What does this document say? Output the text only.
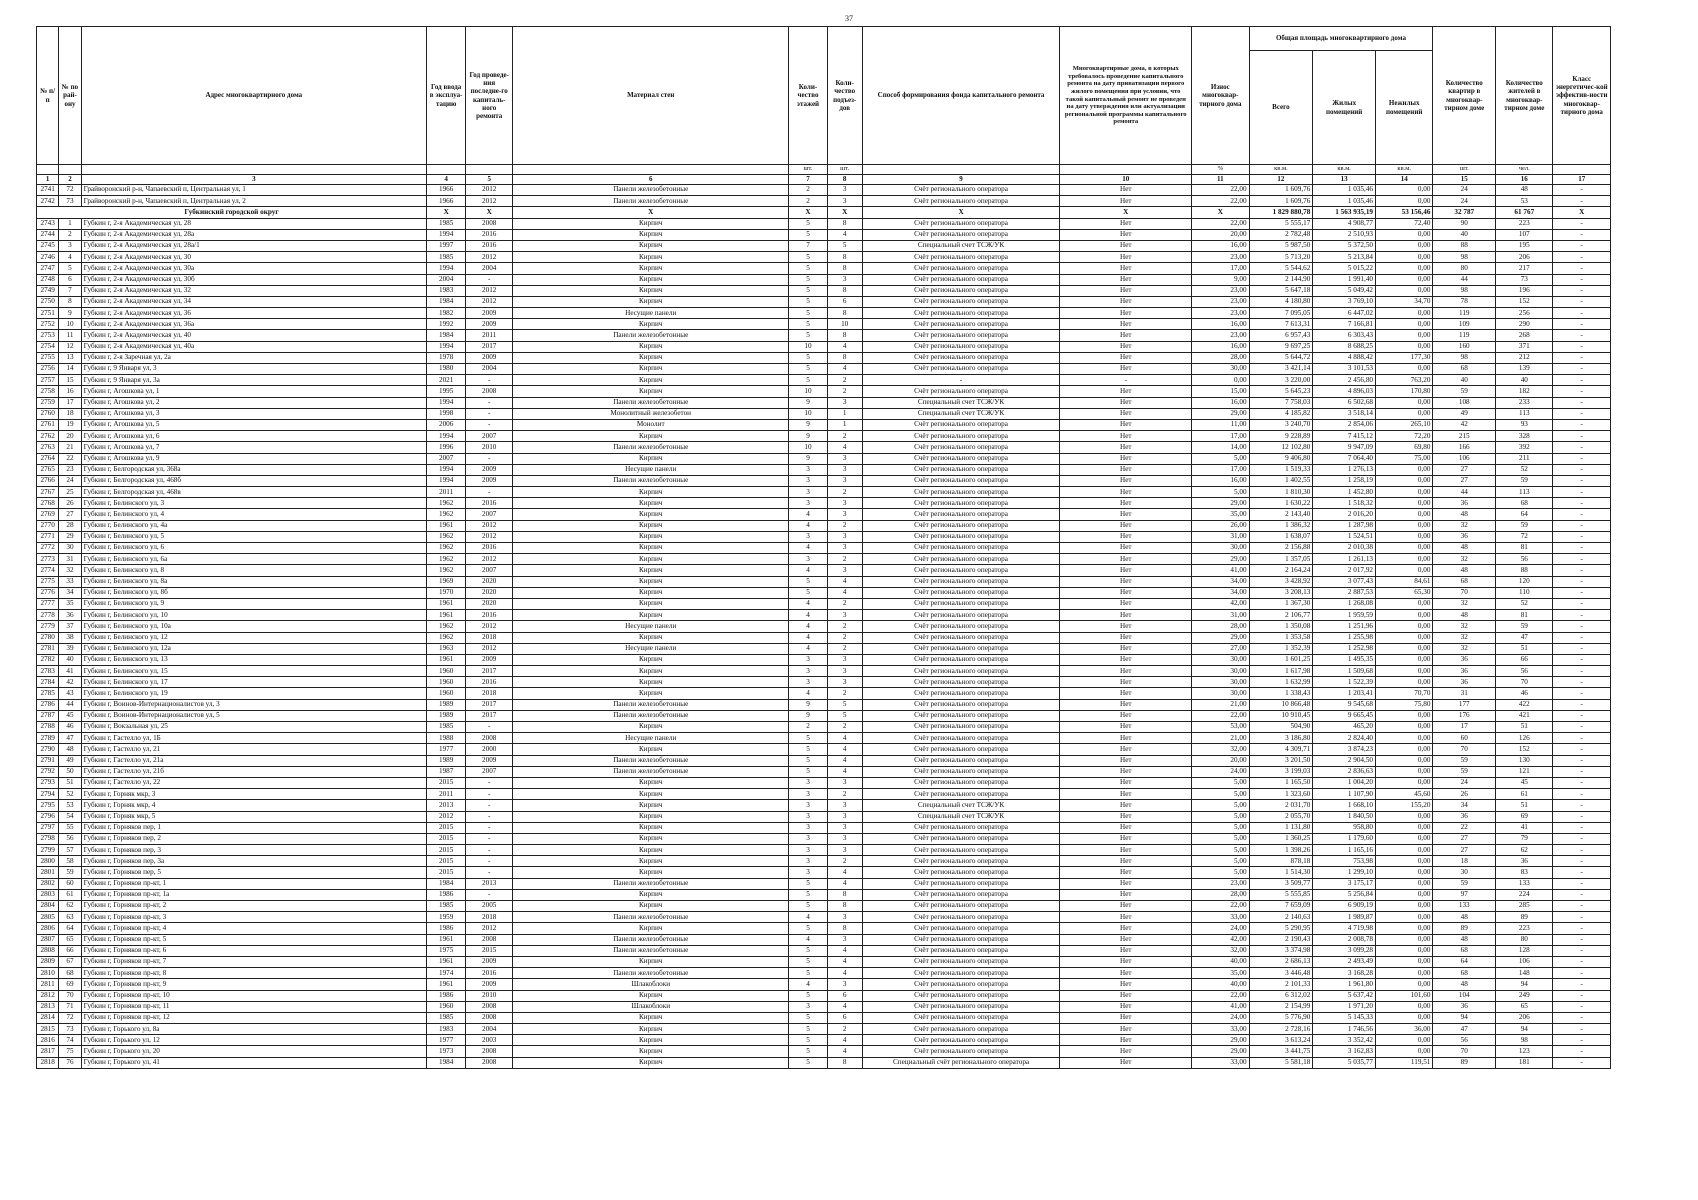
37
№ п/п	№ по рай-ону	Адрес многоквартирного дома	Год ввода в эксплуа-тацию	Год проведе-ния последне-го капиталь-ного ремонта	Материал стен	Коли-чество этажей	Коли-чество подъез-дов	Способ формирования фонда капитального ремонта	Многоквартирные дома, в которых требовалось проведение капитального ремонта на дату приватизации первого жилого помещения при условии, что такой капитальный ремонт не проведен на дату утверждения или актуализации региональной программы капитального ремонта	Износ многоквар-тирного дома	Общая площадь многоквартирного дома			Количество квартир в многоквар-тирном доме	Количество жителей в многоквар-тирном доме	Класс энергетичес-кой эффектив-ности многоквар-тирного дома
											Всего	Жилых помещений	Нежилых помещений			
						шт.	шт.			%	кв.м.	кв.м.	кв.м.	шт.	чел.	
1	2	3	4	5	6	7	8	9	10	11	12	13	14	15	16	17
2741	72	Грайворонский р-н, Чапаевский п, Центральная ул, 1	1966	2012	Панели железобетонные	2	3	Счёт регионального оператора	Нет	22,00	1 609,76	1 035,46	0,00	24	48	-
2742	73	Грайворонский р-н, Чапаевский п, Центральная ул, 2	1966	2012	Панели железобетонные	2	3	Счёт регионального оператора	Нет	22,00	1 609,76	1 035,46	0,00	24	53	-
Губкинский городской округ			Х	Х	Х	Х	Х	Х	Х	Х	1 829 880,78	1 563 935,19	53 156,46	32 787	61 767	Х
2743	1	Губкин г, 2-я Академическая ул, 28	1985	2008	Кирпич	5	8	Счёт регионального оператора	Нет	22,00	5 555,17	4 908,77	72,40	90	223	-
2744	2	Губкин г, 2-я Академическая ул, 28а	1994	2016	Кирпич	5	4	Счёт регионального оператора	Нет	20,00	2 782,48	2 510,93	0,00	40	107	-
2745	3	Губкин г, 2-я Академическая ул, 28а/1	1997	2016	Кирпич	7	5	Специальный счет ТСЖ/УК	Нет	16,00	5 987,50	5 372,50	0,00	88	195	-
2746	4	Губкин г, 2-я Академическая ул, 30	1985	2012	Кирпич	5	8	Счёт регионального оператора	Нет	23,00	5 713,20	5 213,84	0,00	98	206	-
2747	5	Губкин г, 2-я Академическая ул, 30а	1994	2004	Кирпич	5	8	Счёт регионального оператора	Нет	17,00	5 544,62	5 015,22	0,00	80	217	-
2748	6	Губкин г, 2-я Академическая ул, 30б	2004	-	Кирпич	5	3	Счёт регионального оператора	Нет	9,00	2 144,90	1 991,40	0,00	44	73	-
2749	7	Губкин г, 2-я Академическая ул, 32	1983	2012	Кирпич	5	8	Счёт регионального оператора	Нет	23,00	5 647,18	5 049,42	0,00	98	196	-
2750	8	Губкин г, 2-я Академическая ул, 34	1984	2012	Кирпич	5	6	Счёт регионального оператора	Нет	23,00	4 180,80	3 769,10	34,70	78	152	-
2751	9	Губкин г, 2-я Академическая ул, 36	1982	2009	Несущие панели	5	8	Счёт регионального оператора	Нет	23,00	7 095,05	6 447,02	0,00	119	256	-
2752	10	Губкин г, 2-я Академическая ул, 36а	1992	2009	Кирпич	5	10	Счёт регионального оператора	Нет	16,00	7 613,31	7 166,81	0,00	109	290	-
2753	11	Губкин г, 2-я Академическая ул, 40	1984	2011	Панели железобетонные	5	8	Счёт регионального оператора	Нет	23,00	6 957,43	6 303,43	0,00	119	268	-
2754	12	Губкин г, 2-я Академическая ул, 40а	1994	2017	Кирпич	10	4	Счёт регионального оператора	Нет	16,00	9 697,25	8 688,25	0,00	160	371	-
2755	13	Губкин г, 2-я Заречная ул, 2а	1978	2009	Кирпич	5	8	Счёт регионального оператора	Нет	28,00	5 644,72	4 888,42	177,30	98	212	-
2756	14	Губкин г, 9 Января ул, 3	1980	2004	Кирпич	5	4	Счёт регионального оператора	Нет	30,00	3 421,14	3 101,53	0,00	68	139	-
2757	15	Губкин г, 9 Января ул, 3а	2021	-	Кирпич	5	2	-	-	0,00	3 220,00	2 456,80	763,20	40	40	-
2758	16	Губкин г, Агошкова ул, 1	1995	2008	Кирпич	10	2	Счёт регионального оператора	Нет	15,00	5 645,23	4 896,03	170,80	59	182	-
2759	17	Губкин г, Агошкова ул, 2	1994	-	Панели железобетонные	9	3	Специальный счет ТСЖ/УК	Нет	16,00	7 758,03	6 502,68	0,00	108	233	-
2760	18	Губкин г, Агошкова ул, 3	1998	-	Монолитный железобетон	10	1	Специальный счет ТСЖ/УК	Нет	29,00	4 185,82	3 518,14	0,00	49	113	-
2761	19	Губкин г, Агошкова ул, 5	2006	-	Монолит	9	1	Счёт регионального оператора	Нет	11,00	3 240,70	2 854,06	265,10	42	93	-
2762	20	Губкин г, Агошкова ул, 6	1994	2007	Кирпич	9	2	Счёт регионального оператора	Нет	17,00	9 228,89	7 415,12	72,20	215	328	-
2763	21	Губкин г, Агошкова ул, 7	1996	2010	Панели железобетонные	10	4	Счёт регионального оператора	Нет	14,00	12 102,80	9 947,09	69,80	166	392	-
2764	22	Губкин г, Агошкова ул, 9	2007	-	Кирпич	9	3	Счёт регионального оператора	Нет	5,00	9 406,80	7 064,40	75,00	106	211	-
2765	23	Губкин г, Белгородская ул, 368а	1994	2009	Несущие панели	3	3	Счёт регионального оператора	Нет	17,00	1 519,33	1 276,13	0,00	27	52	-
2766	24	Губкин г, Белгородская ул, 468б	1994	2009	Панели железобетонные	3	3	Счёт регионального оператора	Нет	16,00	1 402,55	1 258,19	0,00	27	59	-
2767	25	Губкин г, Белгородская ул, 468в	2011	-	Кирпич	3	2	Счёт регионального оператора	Нет	5,00	1 810,30	1 452,80	0,00	44	113	-
2768	26	Губкин г, Белинского ул, 3	1962	2016	Кирпич	3	3	Счёт регионального оператора	Нет	29,00	1 630,22	1 518,32	0,00	36	68	-
2769	27	Губкин г, Белинского ул, 4	1962	2007	Кирпич	4	3	Счёт регионального оператора	Нет	35,00	2 143,40	2 016,20	0,00	48	64	-
2770	28	Губкин г, Белинского ул, 4а	1961	2012	Кирпич	4	2	Счёт регионального оператора	Нет	26,00	1 386,32	1 287,98	0,00	32	59	-
2771	29	Губкин г, Белинского ул, 5	1962	2012	Кирпич	3	3	Счёт регионального оператора	Нет	31,00	1 638,07	1 524,51	0,00	36	72	-
2772	30	Губкин г, Белинского ул, 6	1962	2016	Кирпич	4	3	Счёт регионального оператора	Нет	30,00	2 156,88	2 010,38	0,00	48	81	-
2773	31	Губкин г, Белинского ул, 6а	1962	2012	Кирпич	3	2	Счёт регионального оператора	Нет	29,00	1 357,05	1 261,13	0,00	32	56	-
2774	32	Губкин г, Белинского ул, 8	1962	2007	Кирпич	4	3	Счёт регионального оператора	Нет	41,00	2 164,24	2 017,92	0,00	48	88	-
2775	33	Губкин г, Белинского ул, 8а	1969	2020	Кирпич	5	4	Счёт регионального оператора	Нет	34,00	3 428,92	3 077,43	84,61	68	120	-
2776	34	Губкин г, Белинского ул, 8б	1970	2020	Кирпич	5	4	Счёт регионального оператора	Нет	34,00	3 208,13	2 887,53	65,30	70	110	-
2777	35	Губкин г, Белинского ул, 9	1961	2020	Кирпич	4	2	Счёт регионального оператора	Нет	42,00	1 367,30	1 268,08	0,00	32	52	-
2778	36	Губкин г, Белинского ул, 10	1961	2016	Кирпич	4	3	Счёт регионального оператора	Нет	31,00	2 106,77	1 959,59	0,00	48	81	-
2779	37	Губкин г, Белинского ул, 10а	1962	2012	Несущие панели	4	2	Счёт регионального оператора	Нет	28,00	1 350,08	1 251,96	0,00	32	59	-
2780	38	Губкин г, Белинского ул, 12	1962	2018	Кирпич	4	2	Счёт регионального оператора	Нет	29,00	1 353,58	1 255,98	0,00	32	47	-
2781	39	Губкин г, Белинского ул, 12а	1963	2012	Несущие панели	4	2	Счёт регионального оператора	Нет	27,00	1 352,39	1 252,98	0,00	32	51	-
2782	40	Губкин г, Белинского ул, 13	1961	2009	Кирпич	3	3	Счёт регионального оператора	Нет	30,00	1 601,25	1 495,35	0,00	36	66	-
2783	41	Губкин г, Белинского ул, 15	1960	2017	Кирпич	3	3	Счёт регионального оператора	Нет	30,00	1 617,98	1 509,68	0,00	36	56	-
2784	42	Губкин г, Белинского ул, 17	1960	2016	Кирпич	3	3	Счёт регионального оператора	Нет	30,00	1 632,99	1 522,39	0,00	36	70	-
2785	43	Губкин г, Белинского ул, 19	1960	2018	Кирпич	4	2	Счёт регионального оператора	Нет	30,00	1 338,43	1 203,41	70,70	31	46	-
2786	44	Губкин г, Воинов-Интернационалистов ул, 3	1989	2017	Панели железобетонные	9	5	Счёт регионального оператора	Нет	21,00	10 866,48	9 545,68	75,80	177	422	-
2787	45	Губкин г, Воинов-Интернационалистов ул, 5	1989	2017	Панели железобетонные	9	5	Счёт регионального оператора	Нет	22,00	10 910,45	9 665,45	0,00	176	421	-
2788	46	Губкин г, Вокзальная ул, 25	1985	-	Кирпич	2	2	Счёт регионального оператора	Нет	53,00	504,90	465,20	0,00	17	51	-
2789	47	Губкин г, Гастелло ул, 1Б	1988	2008	Несущие панели	5	4	Счёт регионального оператора	Нет	21,00	3 186,80	2 824,40	0,00	60	126	-
2790	48	Губкин г, Гастелло ул, 21	1977	2000	Кирпич	5	4	Счёт регионального оператора	Нет	32,00	4 309,71	3 874,23	0,00	70	152	-
2791	49	Губкин г, Гастелло ул, 21а	1989	2009	Панели железобетонные	5	4	Счёт регионального оператора	Нет	20,00	3 201,50	2 904,50	0,00	59	130	-
2792	50	Губкин г, Гастелло ул, 21б	1987	2007	Панели железобетонные	5	4	Счёт регионального оператора	Нет	24,00	3 199,03	2 836,63	0,00	59	121	-
2793	51	Губкин г, Гастелло ул, 22	2015	-	Кирпич	3	3	Счёт регионального оператора	Нет	5,00	1 165,50	1 004,20	0,00	24	45	-
2794	52	Губкин г, Горняк мкр, 3	2011	-	Кирпич	3	2	Счёт регионального оператора	Нет	5,00	1 323,60	1 107,90	45,60	26	61	-
2795	53	Губкин г, Горняк мкр, 4	2013	-	Кирпич	3	3	Специальный счет ТСЖ/УК	Нет	5,00	2 031,70	1 668,10	155,20	34	51	-
2796	54	Губкин г, Горняк мкр, 5	2012	-	Кирпич	3	3	Специальный счет ТСЖ/УК	Нет	5,00	2 055,70	1 840,50	0,00	36	69	-
2797	55	Губкин г, Горняков пер, 1	2015	-	Кирпич	3	3	Счёт регионального оператора	Нет	5,00	1 131,80	958,80	0,00	22	41	-
2798	56	Губкин г, Горняков пер, 2	2015	-	Кирпич	3	3	Счёт регионального оператора	Нет	5,00	1 360,25	1 179,60	0,00	27	79	-
2799	57	Губкин г, Горняков пер, 3	2015	-	Кирпич	3	3	Счёт регионального оператора	Нет	5,00	1 398,26	1 165,16	0,00	27	62	-
2800	58	Губкин г, Горняков пер, 3а	2015	-	Кирпич	3	2	Счёт регионального оператора	Нет	5,00	878,18	753,98	0,00	18	36	-
2801	59	Губкин г, Горняков пер, 5	2015	-	Кирпич	3	4	Счёт регионального оператора	Нет	5,00	1 514,30	1 299,10	0,00	30	83	-
2802	60	Губкин г, Горняков пр-кт, 1	1984	2013	Панели железобетонные	5	4	Счёт регионального оператора	Нет	23,00	3 509,77	3 175,17	0,00	59	133	-
2803	61	Губкин г, Горняков пр-кт, 1а	1986	-	Кирпич	5	8	Счёт регионального оператора	Нет	28,00	5 555,85	5 256,84	0,00	97	224	-
2804	62	Губкин г, Горняков пр-кт, 2	1985	2005	Кирпич	5	8	Счёт регионального оператора	Нет	22,00	7 659,09	6 909,19	0,00	133	285	-
2805	63	Губкин г, Горняков пр-кт, 3	1959	2018	Панели железобетонные	4	3	Счёт регионального оператора	Нет	33,00	2 140,63	1 989,87	0,00	48	89	-
2806	64	Губкин г, Горняков пр-кт, 4	1986	2012	Кирпич	5	8	Счёт регионального оператора	Нет	24,00	5 290,95	4 719,98	0,00	89	223	-
2807	65	Губкин г, Горняков пр-кт, 5	1961	2008	Панели железобетонные	4	3	Счёт регионального оператора	Нет	42,00	2 190,43	2 008,78	0,00	48	80	-
2808	66	Губкин г, Горняков пр-кт, 6	1975	2015	Панели железобетонные	5	4	Счёт регионального оператора	Нет	32,00	3 374,98	3 099,28	0,00	68	128	-
2809	67	Губкин г, Горняков пр-кт, 7	1961	2009	Кирпич	5	4	Счёт регионального оператора	Нет	40,00	2 686,13	2 493,49	0,00	64	106	-
2810	68	Губкин г, Горняков пр-кт, 8	1974	2016	Панели железобетонные	5	4	Счёт регионального оператора	Нет	35,00	3 446,48	3 168,28	0,00	68	148	-
2811	69	Губкин г, Горняков пр-кт, 9	1961	2009	Шлакоблоки	4	3	Счёт регионального оператора	Нет	40,00	2 101,33	1 961,80	0,00	48	94	-
2812	70	Губкин г, Горняков пр-кт, 10	1986	2010	Кирпич	5	6	Счёт регионального оператора	Нет	22,00	6 312,02	5 637,42	101,60	104	249	-
2813	71	Губкин г, Горняков пр-кт, 11	1960	2008	Шлакоблоки	3	4	Счёт регионального оператора	Нет	41,00	2 154,99	1 971,20	0,00	36	65	-
2814	72	Губкин г, Горняков пр-кт, 12	1985	2008	Кирпич	5	6	Счёт регионального оператора	Нет	24,00	5 776,90	5 145,33	0,00	94	206	-
2815	73	Губкин г, Горького ул, 8а	1983	2004	Кирпич	5	2	Счёт регионального оператора	Нет	33,00	2 728,16	1 746,56	36,00	47	94	-
2816	74	Губкин г, Горького ул, 12	1977	2003	Кирпич	5	4	Счёт регионального оператора	Нет	29,00	3 613,24	3 352,42	0,00	56	98	-
2817	75	Губкин г, Горького ул, 20	1973	2008	Кирпич	5	4	Счёт регионального оператора	Нет	29,00	3 441,75	3 162,83	0,00	70	123	-
2818	76	Губкин г, Горького ул, 41	1984	2008	Кирпич	5	8	Специальный счёт регионального оператора	Нет	33,00	5 581,18	5 035,77	119,51	89	181	-
